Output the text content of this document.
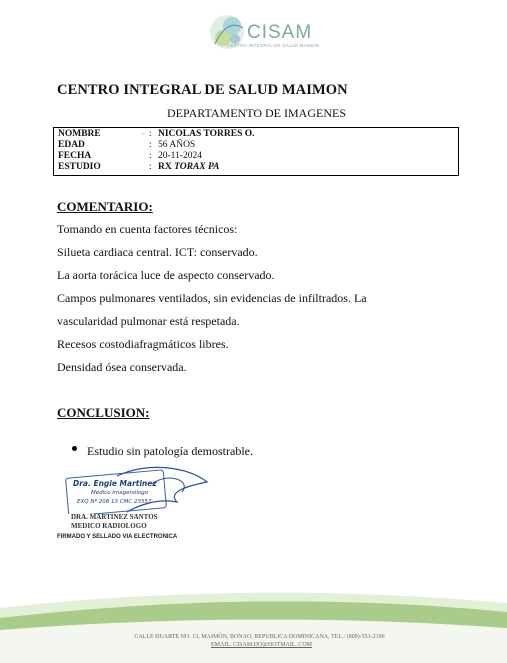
CISAM
CENTRO INTEGRAL DE SALUD MAIMON
CENTRO INTEGRAL DE SALUD MAIMON
DEPARTAMENTO DE IMAGENES
ﾟ
NOMBRE	: NICOLAS TORRES O.
EDAD	: 56 AÑOS
FECHA	: 20-11-2024
ESTUDIO	: RX TORAX PA
COMENTARIO:
Tomando en cuenta factores técnicos:
Silueta cardiaca central. ICT: conservado.
La aorta torácica luce de aspecto conservado.
Campos pulmonares ventilados, sin evidencias de infiltrados. La
vascularidad pulmonar está respetada.
Recesos costodiafragmáticos libres.
Densidad ósea conservada.
CONCLUSION:
Estudio sin patología demostrable.
Dra. Engie Martinez
Medico Imagenólogo
EXQ Nº 208 13 CMC 23557
DRA. MARTINEZ SANTOS
MEDICO RADIOLOGO
FIRMADO Y SELLADO VIA ELECTRONICA
CALLE DUARTE NO. 13, MAIMÓN, BONAO, REPUBLICA DOMINICANA, TEL.: (809)-551-2196
EMAIL: CISAM.DO@HOTMAIL .COM
